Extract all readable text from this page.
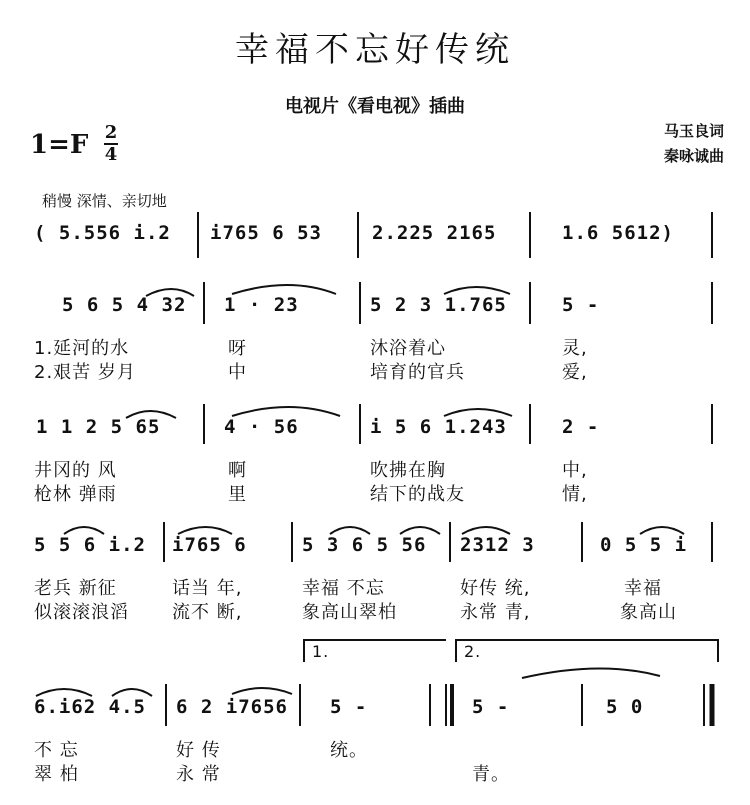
幸福不忘好传统
电视片《看电视》插曲
马玉良词
秦咏诚曲
1=F 2
4
稍慢 深情、亲切地
( 5.556 i.2 i765 6 53	2.225 2165	1.6 5612)
5 6 5 4 32 1 · 23	5 2 3 1.765	5 -
1.延河的水	呀	沐浴着心	灵,
2.艰苦 岁月	中	培育的官兵	爱,
1 1 2 5 65	4 · 56	i 5 6 1.243	2 -
井冈的 风	啊	吹拂在胸	中,
枪林 弹雨	里	结下的战友	情,
5 5 6 i.2 i765 6	5 3 6 5 56 2312 3	0 5 5 i
老兵 新征	话当 年,	幸福 不忘	好传 统,	幸福
似滚滚浪滔 流不 断,	象高山翠柏	永常 青,	象高山
1.	2.
6.i62 4.5 6 2 i7656 5 -	5 -	5 0
不 忘	好 传	统。
翠 柏	永 常	青。
